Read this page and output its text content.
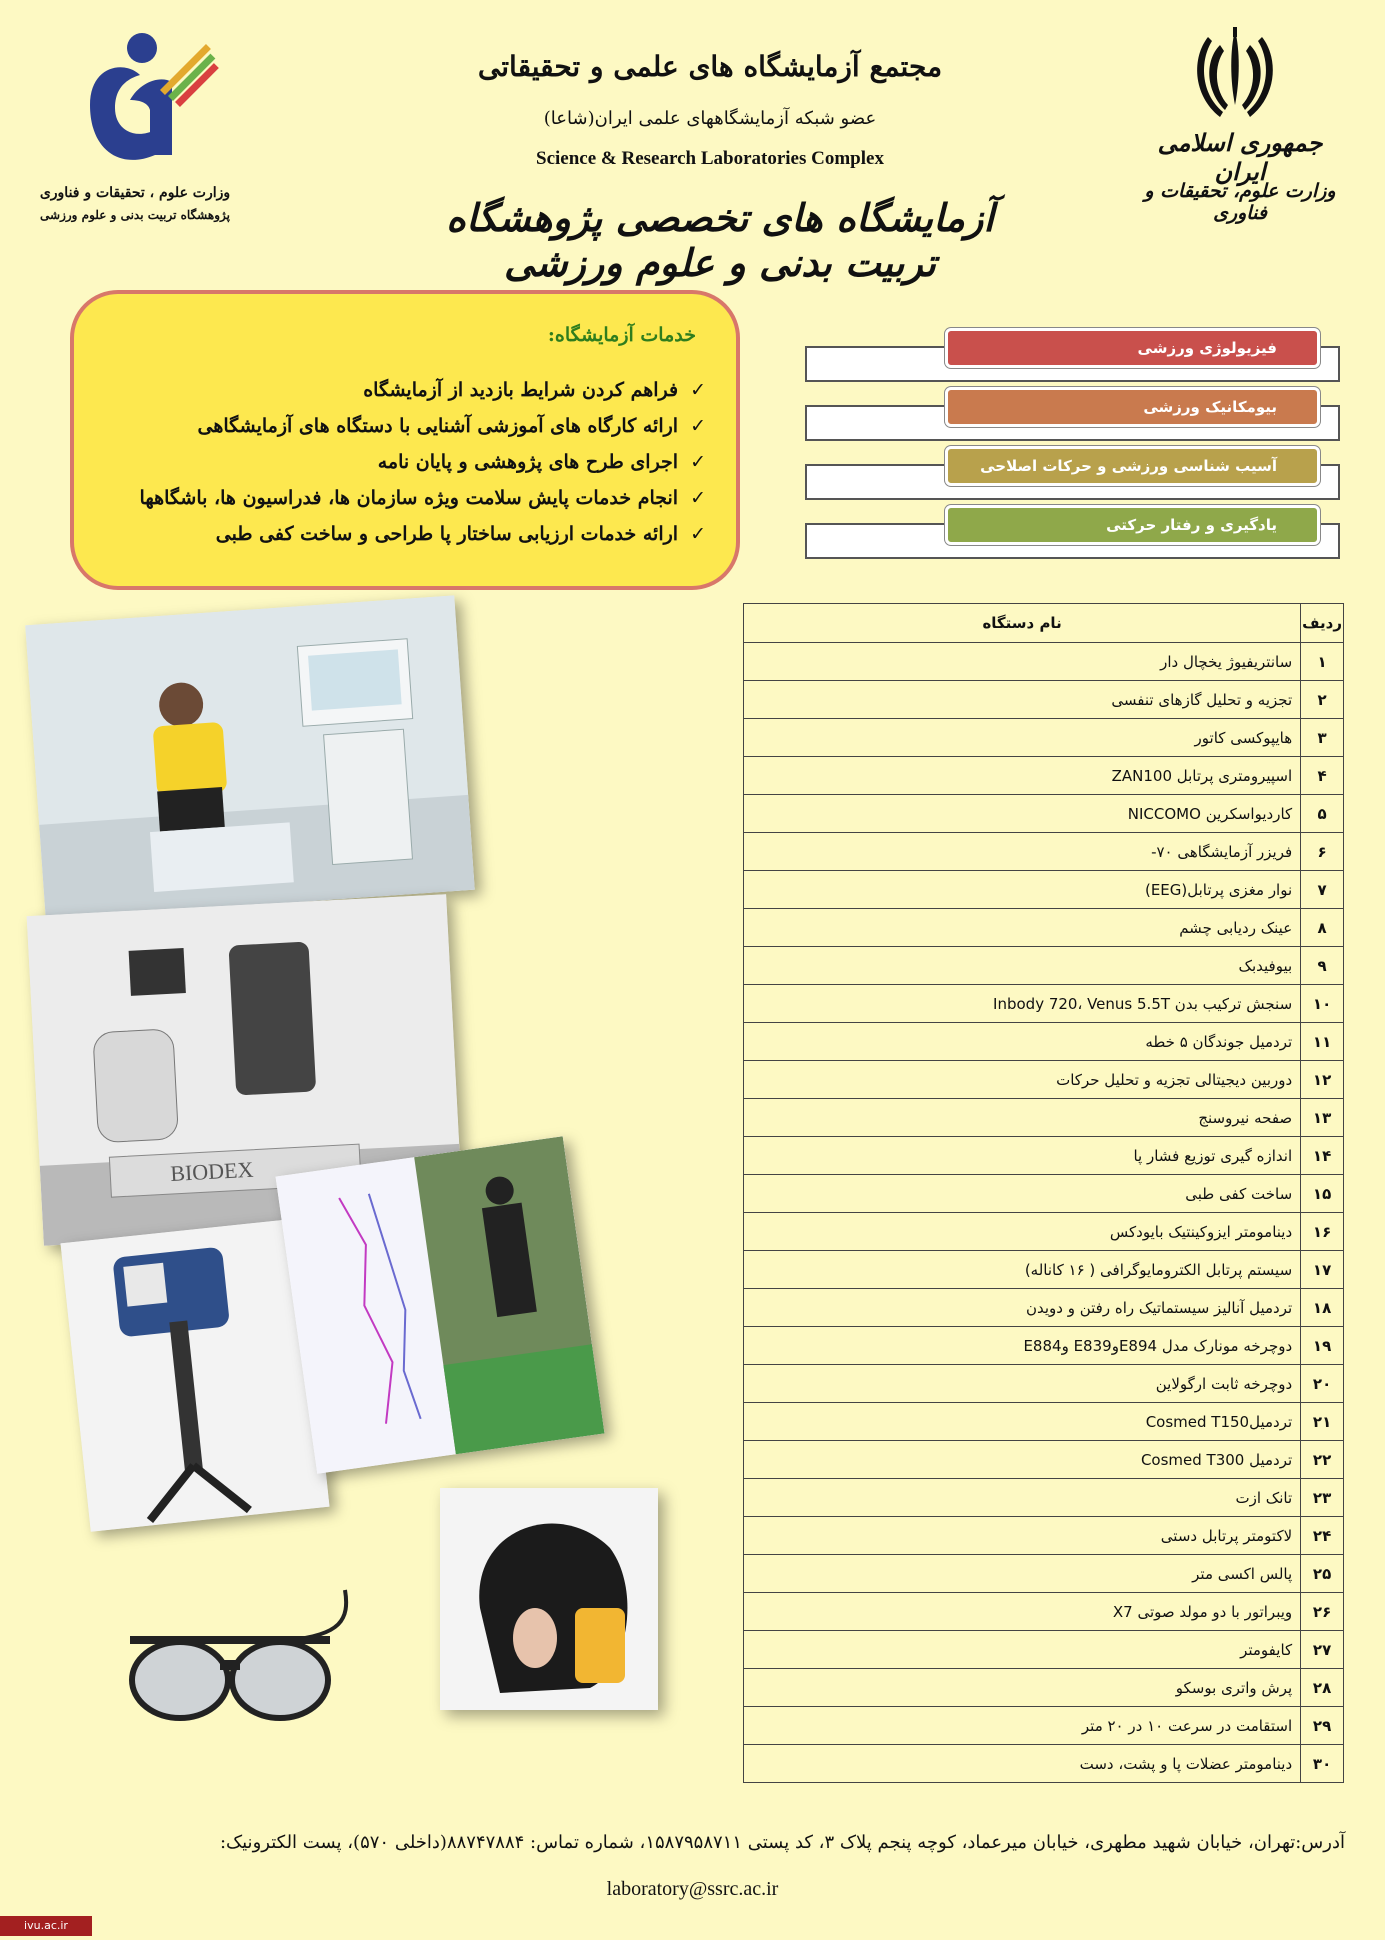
مجتمع آزمایشگاه های علمی و تحقیقاتی
عضو شبکه آزمایشگاههای علمی ایران(شاعا)
Science & Research Laboratories Complex
آزمایشگاه های تخصصی پژوهشگاه تربیت بدنی و علوم ورزشی
جمهوری اسلامی ایران
وزارت علوم، تحقیقات و فناوری
وزارت علوم ، تحقیقات و فناوری
پژوهشگاه تربیت بدنی و علوم ورزشی
خدمات آزمایشگاه:
✓فراهم کردن شرایط بازدید از آزمایشگاه
✓ارائه کارگاه های آموزشی آشنایی با دستگاه های آزمایشگاهی
✓اجرای طرح های پژوهشی و پایان نامه
✓انجام خدمات پایش سلامت ویژه سازمان ها، فدراسیون ها، باشگاهها
✓ارائه خدمات ارزیابی ساختار پا طراحی و ساخت کفی طبی
فیزیولوژی ورزشی
بیومکانیک ورزشی
آسیب شناسی ورزشی و حرکات اصلاحی
یادگیری و رفتار حرکتی
ردیف	نام دستگاه
۱	سانتریفیوژ یخچال دار
۲	تجزیه و تحلیل گازهای تنفسی
۳	هایپوکسی کاتور
۴	اسپیرومتری پرتابل ZAN100
۵	کاردیواسکرین NICCOMO
۶	فریزر آزمایشگاهی ۷۰-
۷	نوار مغزی پرتابل(EEG)
۸	عینک ردیابی چشم
۹	بیوفیدبک
۱۰	سنجش ترکیب بدن Inbody 720، Venus 5.5T
۱۱	تردمیل جوندگان ۵ خطه
۱۲	دوربین دیجیتالی تجزیه و تحلیل حرکات
۱۳	صفحه نیروسنج
۱۴	اندازه گیری توزیع فشار پا
۱۵	ساخت کفی طبی
۱۶	دینامومتر ایزوکینتیک بایودکس
۱۷	سیستم پرتابل الکترومایوگرافی ( ۱۶ کاناله)
۱۸	تردمیل آنالیز سیستماتیک راه رفتن و دویدن
۱۹	دوچرخه مونارک مدل E894وE839 وE884
۲۰	دوچرخه ثابت ارگولاین
۲۱	تردمیلCosmed T150
۲۲	تردمیل Cosmed T300
۲۳	تانک ازت
۲۴	لاکتومتر پرتابل دستی
۲۵	پالس اکسی متر
۲۶	ویبراتور با دو مولد صوتی X7
۲۷	کایفومتر
۲۸	پرش واتری بوسکو
۲۹	استقامت در سرعت ۱۰ در ۲۰ متر
۳۰	دینامومتر عضلات پا و پشت، دست
BIODEX
آدرس:تهران، خیابان شهید مطهری، خیابان میرعماد، کوچه پنجم پلاک ۳، کد پستی ۱۵۸۷۹۵۸۷۱۱، شماره تماس: ۸۸۷۴۷۸۸۴(داخلی ۵۷۰)، پست الکترونیک:
laboratory@ssrc.ac.ir
ivu.ac.ir
